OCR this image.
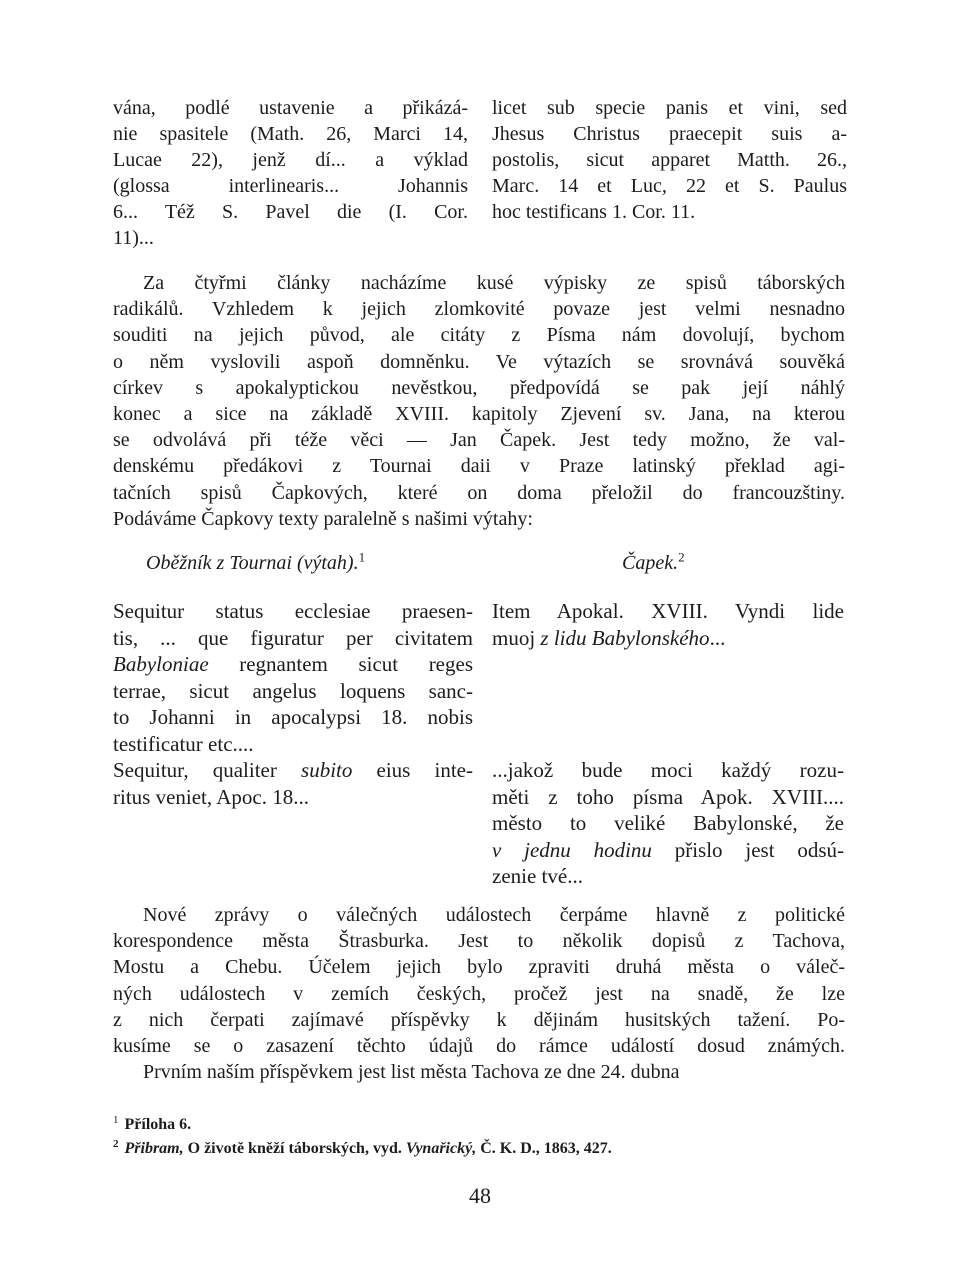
vána, podlé ustavenie a přikázá-
nie spasitele (Math. 26, Marci 14,
Lucae 22), jenž dí... a výklad
(glossa interlinearis... Johannis
6... Též S. Pavel die (I. Cor.
11)...
licet sub specie panis et vini, sed
Jhesus Christus praecepit suis a-
postolis, sicut apparet Matth. 26.,
Marc. 14 et Luc, 22 et S. Paulus
hoc testificans 1. Cor. 11.
Za čtyřmi články nacházíme kusé výpisky ze spisů táborských
radikálů. Vzhledem k jejich zlomkovité povaze jest velmi nesnadno
souditi na jejich původ, ale citáty z Písma nám dovolují, bychom
o něm vyslovili aspoň domněnku. Ve výtazích se srovnává souvěká
církev s apokalyptickou nevěstkou, předpovídá se pak její náhlý
konec a sice na základě XVIII. kapitoly Zjevení sv. Jana, na kterou
se odvolává při téže věci — Jan Čapek. Jest tedy možno, že val-
denskému předákovi z Tournai daii v Praze latinský překlad agi-
tačních spisů Čapkových, které on doma přeložil do francouzštiny.
Podáváme Čapkovy texty paralelně s našimi výtahy:
Oběžník z Tournai (výtah).$^1$	Čapek.$^2$
Sequitur status ecclesiae praesen-
tis, ... que figuratur per civitatem
Babyloniae regnantem sicut reges
terrae, sicut angelus loquens sanc-
to Johanni in apocalypsi 18. nobis
testificatur etc....
Sequitur, qualiter subito eius inte-
ritus veniet, Apoc. 18...
Item Apokal. XVIII. Vyndi lide
muoj z lidu Babylonského...
...jakož bude moci každý rozu-
měti z toho písma Apok. XVIII....
město to veliké Babylonské, že
v jednu hodinu přislo jest odsú-
zenie tvé...
Nové zprávy o válečných událostech čerpáme hlavně z politické
korespondence města Štrasburka. Jest to několik dopisů z Tachova,
Mostu a Chebu. Účelem jejich bylo zpraviti druhá města o váleč-
ných událostech v zemích českých, pročež jest na snadě, že lze
z nich čerpati zajímavé příspěvky k dějinám husitských tažení. Po-
kusíme se o zasazení těchto údajů do rámce událostí dosud známých.
Prvním naším příspěvkem jest list města Tachova ze dne 24. dubna
$^1$ Příloha 6.
$^2$ Přibram, O životě kněží táborských, vyd. Vynařický, Č. K. D., 1863, 427.
48
